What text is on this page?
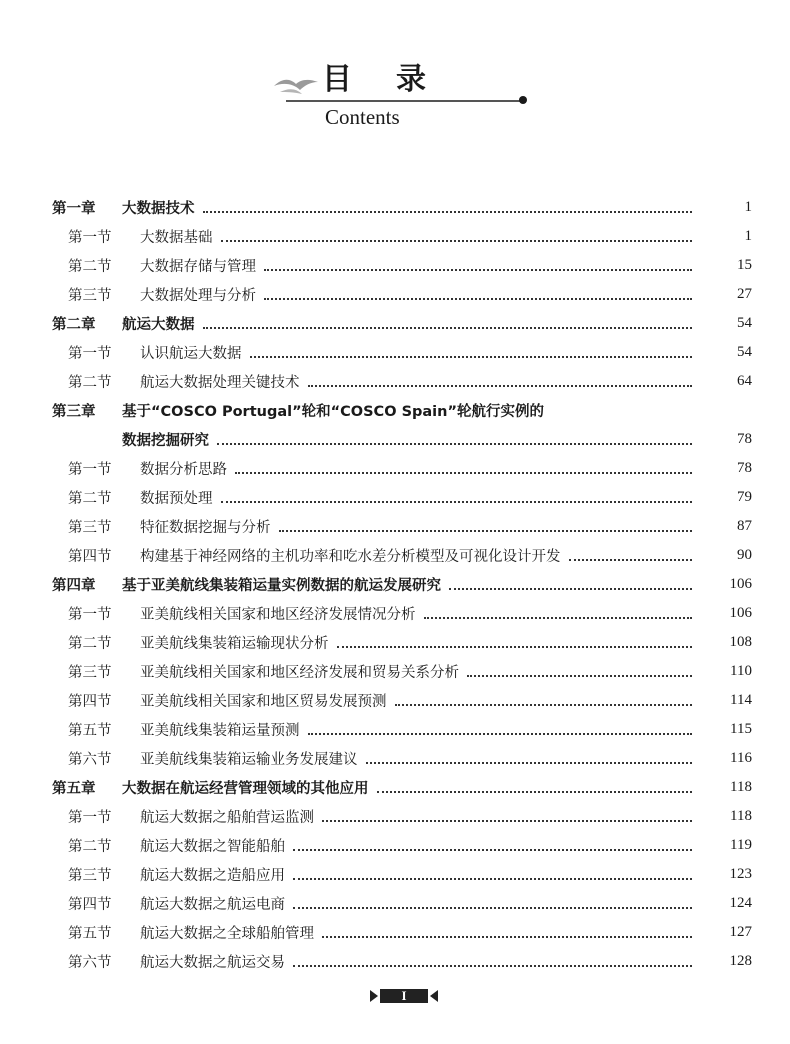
目录
Contents
第一章	大数据技术	1
第一节	大数据基础	1
第二节	大数据存储与管理	15
第三节	大数据处理与分析	27
第二章	航运大数据	54
第一节	认识航运大数据	54
第二节	航运大数据处理关键技术	64
第三章	基于“COSCO Portugal”轮和“COSCO Spain”轮航行实例的
数据挖掘研究	78
第一节	数据分析思路	78
第二节	数据预处理	79
第三节	特征数据挖掘与分析	87
第四节	构建基于神经网络的主机功率和吃水差分析模型及可视化设计开发	90
第四章	基于亚美航线集装箱运量实例数据的航运发展研究	106
第一节	亚美航线相关国家和地区经济发展情况分析	106
第二节	亚美航线集装箱运输现状分析	108
第三节	亚美航线相关国家和地区经济发展和贸易关系分析	110
第四节	亚美航线相关国家和地区贸易发展预测	114
第五节	亚美航线集装箱运量预测	115
第六节	亚美航线集装箱运输业务发展建议	116
第五章	大数据在航运经营管理领域的其他应用	118
第一节	航运大数据之船舶营运监测	118
第二节	航运大数据之智能船舶	119
第三节	航运大数据之造船应用	123
第四节	航运大数据之航运电商	124
第五节	航运大数据之全球船舶管理	127
第六节	航运大数据之航运交易	128
I
